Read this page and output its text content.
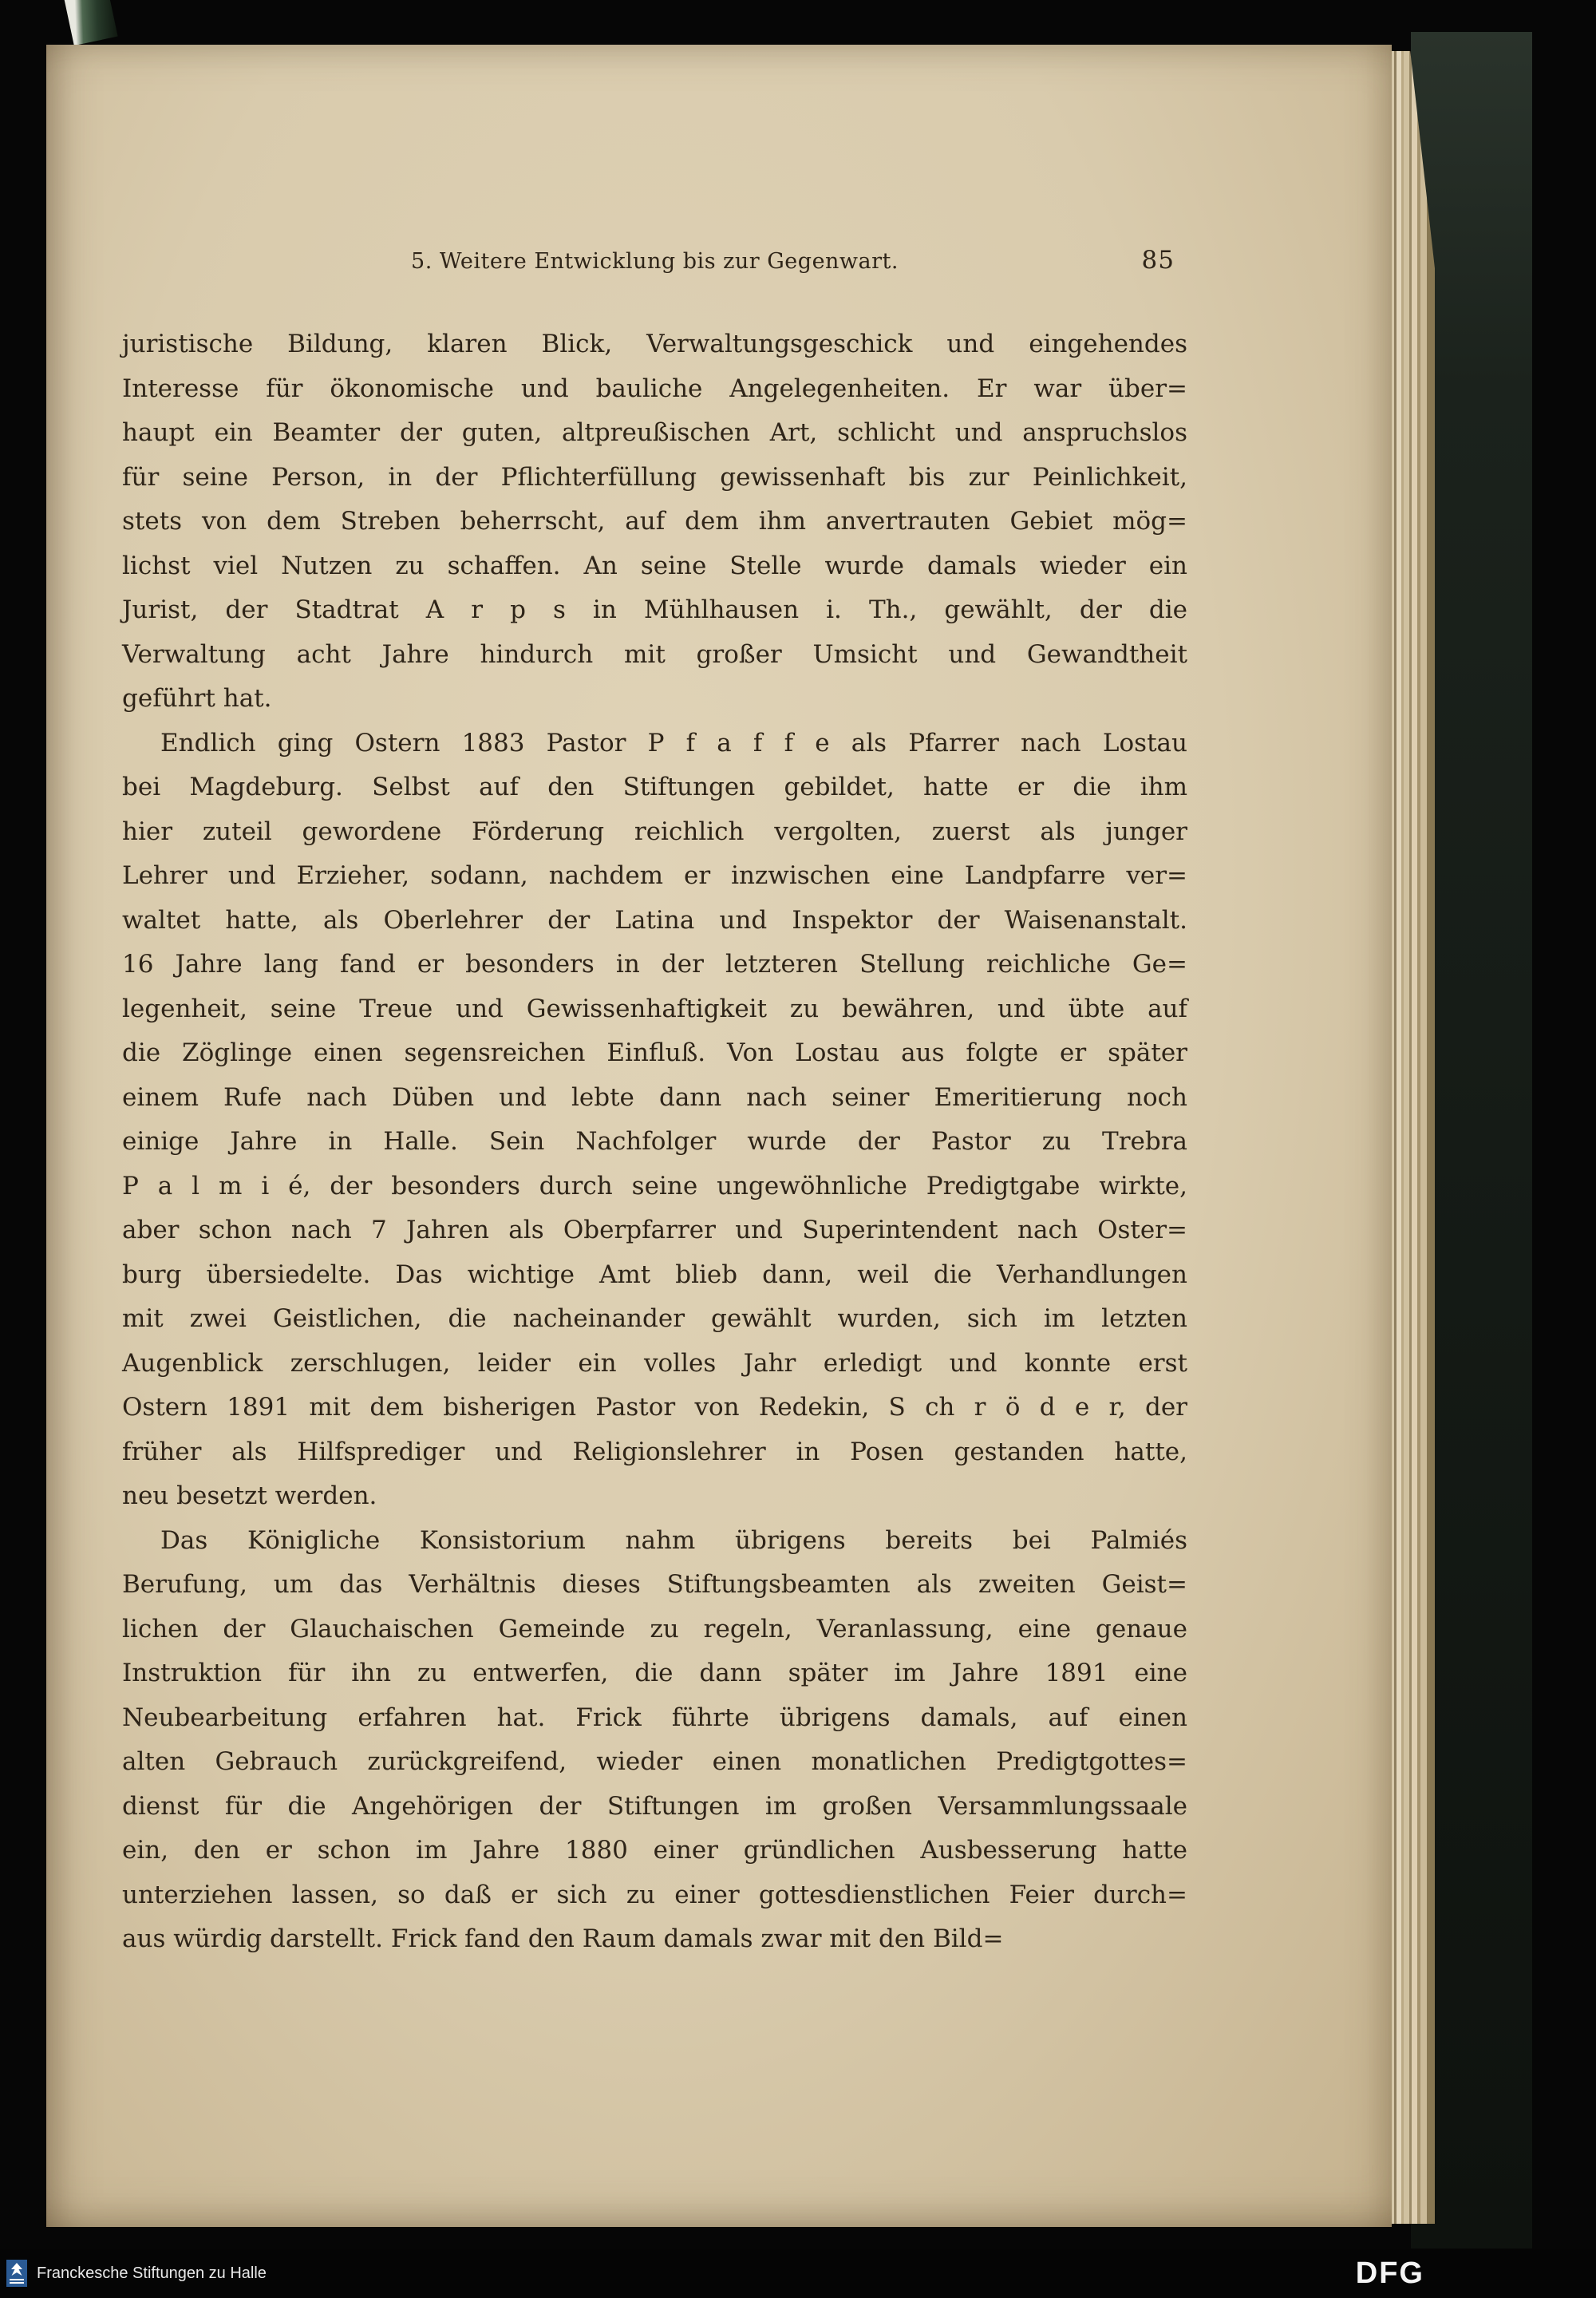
5. Weitere Entwicklung bis zur Gegenwart.	85
juristische Bildung, klaren Blick, Verwaltungsgeschick und eingehendes
Interesse für ökonomische und bauliche Angelegenheiten. Er war über=
haupt ein Beamter der guten, altpreußischen Art, schlicht und anspruchslos
für seine Person, in der Pflichterfüllung gewissenhaft bis zur Peinlichkeit,
stets von dem Streben beherrscht, auf dem ihm anvertrauten Gebiet mög=
lichst viel Nutzen zu schaffen. An seine Stelle wurde damals wieder ein
Jurist, der Stadtrat A r p s in Mühlhausen i. Th., gewählt, der die
Verwaltung acht Jahre hindurch mit großer Umsicht und Gewandtheit
geführt hat.
Endlich ging Ostern 1883 Pastor P f a f f e als Pfarrer nach Lostau
bei Magdeburg. Selbst auf den Stiftungen gebildet, hatte er die ihm
hier zuteil gewordene Förderung reichlich vergolten, zuerst als junger
Lehrer und Erzieher, sodann, nachdem er inzwischen eine Landpfarre ver=
waltet hatte, als Oberlehrer der Latina und Inspektor der Waisenanstalt.
16 Jahre lang fand er besonders in der letzteren Stellung reichliche Ge=
legenheit, seine Treue und Gewissenhaftigkeit zu bewähren, und übte auf
die Zöglinge einen segensreichen Einfluß. Von Lostau aus folgte er später
einem Rufe nach Düben und lebte dann nach seiner Emeritierung noch
einige Jahre in Halle. Sein Nachfolger wurde der Pastor zu Trebra
P a l m i é, der besonders durch seine ungewöhnliche Predigtgabe wirkte,
aber schon nach 7 Jahren als Oberpfarrer und Superintendent nach Oster=
burg übersiedelte. Das wichtige Amt blieb dann, weil die Verhandlungen
mit zwei Geistlichen, die nacheinander gewählt wurden, sich im letzten
Augenblick zerschlugen, leider ein volles Jahr erledigt und konnte erst
Ostern 1891 mit dem bisherigen Pastor von Redekin, S ch r ö d e r, der
früher als Hilfsprediger und Religionslehrer in Posen gestanden hatte,
neu besetzt werden.
Das Königliche Konsistorium nahm übrigens bereits bei Palmiés
Berufung, um das Verhältnis dieses Stiftungsbeamten als zweiten Geist=
lichen der Glauchaischen Gemeinde zu regeln, Veranlassung, eine genaue
Instruktion für ihn zu entwerfen, die dann später im Jahre 1891 eine
Neubearbeitung erfahren hat. Frick führte übrigens damals, auf einen
alten Gebrauch zurückgreifend, wieder einen monatlichen Predigtgottes=
dienst für die Angehörigen der Stiftungen im großen Versammlungssaale
ein, den er schon im Jahre 1880 einer gründlichen Ausbesserung hatte
unterziehen lassen, so daß er sich zu einer gottesdienstlichen Feier durch=
aus würdig darstellt. Frick fand den Raum damals zwar mit den Bild=
Franckesche Stiftungen zu Halle	DFG
